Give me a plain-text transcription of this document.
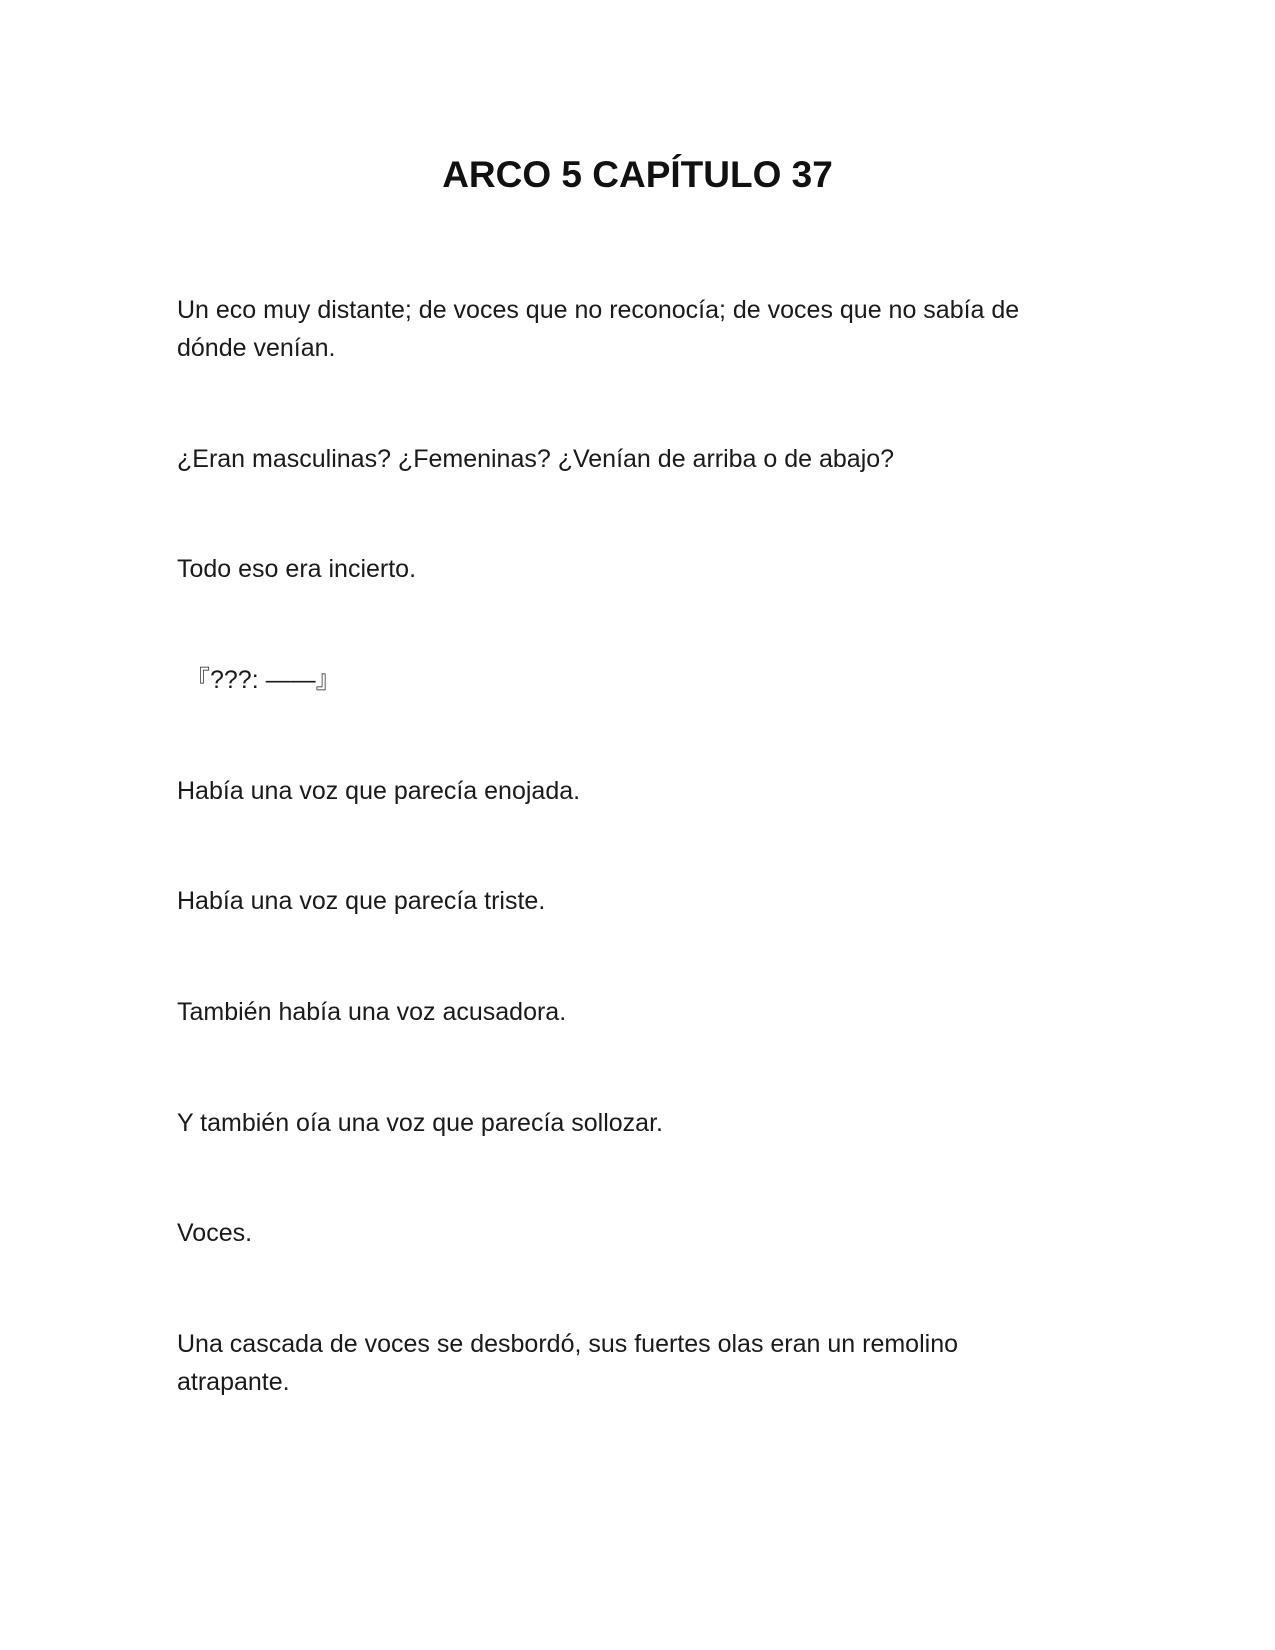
ARCO 5 CAPÍTULO 37

Un eco muy distante; de voces que no reconocía; de voces que no sabía de dónde venían.

¿Eran masculinas? ¿Femeninas? ¿Venían de arriba o de abajo?

Todo eso era incierto.

『???: ——』

Había una voz que parecía enojada.

Había una voz que parecía triste.

También había una voz acusadora.

Y también oía una voz que parecía sollozar.

Voces.

Una cascada de voces se desbordó, sus fuertes olas eran un remolino atrapante.
